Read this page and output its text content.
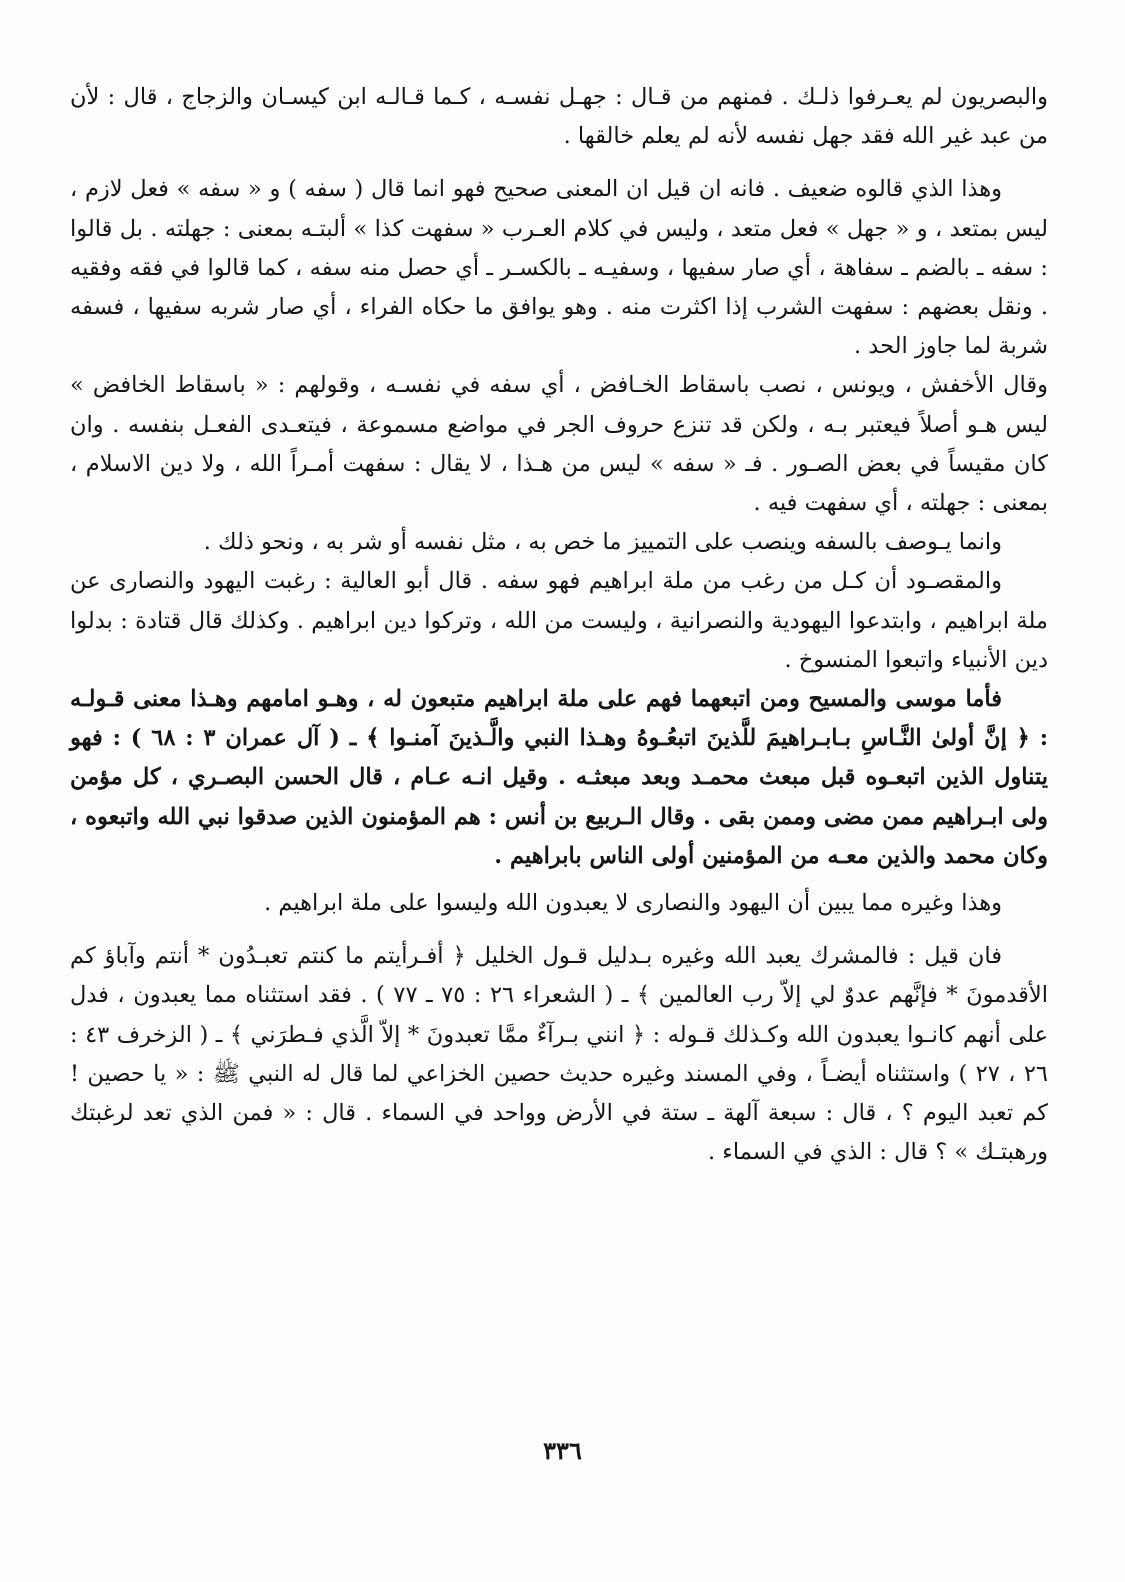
والبصريون لم يعـرفوا ذلـك . فمنهم من قـال : جهـل نفسـه ، كـما قـالـه ابن كيسـان والزجاج ، قال : لأن من عبد غير الله فقد جهل نفسه لأنه لم يعلم خالقها .

وهذا الذي قالوه ضعيف . فانه ان قيل ان المعنى صحيح فهو انما قال ( سفه ) و « سفه » فعل لازم ، ليس بمتعد ، و « جهل » فعل متعد ، وليس في كلام العـرب « سفهت كذا » ألبتـه بمعنى : جهلته . بل قالوا : سفه ـ بالضم ـ سفاهة ، أي صار سفيها ، وسفيـه ـ بالكسـر ـ أي حصل منه سفه ، كما قالوا في فقه وفقيه . ونقل بعضهم : سفهت الشرب إذا اكثرت منه . وهو يوافق ما حكاه الفراء ، أي صار شربه سفيها ، فسفه شربة لما جاوز الحد .

وقال الأخفش ، ويونس ، نصب باسقاط الخـافض ، أي سفه في نفسـه ، وقولهم : « باسقاط الخافض » ليس هـو أصلاً فيعتبر بـه ، ولكن قد تنزع حروف الجر في مواضع مسموعة ، فيتعـدى الفعـل بنفسه . وان كان مقيساً في بعض الصـور . فـ « سفه » ليس من هـذا ، لا يقال : سفهت أمـراً الله ، ولا دين الاسلام ، بمعنى : جهلته ، أي سفهت فيه .

وانما يـوصف بالسفه وينصب على التمييز ما خص به ، مثل نفسه أو شر به ، ونحو ذلك .

والمقصـود أن كـل من رغب من ملة ابراهيم فهو سفه . قال أبو العالية : رغبت اليهود والنصارى عن ملة ابراهيم ، وابتدعوا اليهودية والنصرانية ، وليست من الله ، وتركوا دين ابراهيم . وكذلك قال قتادة : بدلوا دين الأنبياء واتبعوا المنسوخ .

فأما موسى والمسيح ومن اتبعهما فهم على ملة ابراهيم متبعون له ، وهـو امامهم وهـذا معنى قـولـه : ﴿ إنَّ أولىٰ النَّـاسِ بـابـراهيمَ للَّذينَ اتبعُـوهُ وهـذا النبي والَّـذينَ آمنـوا ﴾ ـ ( آل عمران ٣ : ٦٨ ) : فهو يتناول الذين اتبعـوه قبل مبعث محمـد وبعد مبعثـه . وقيل انـه عـام ، قال الحسن البصـري ، كل مؤمن ولى ابـراهيم ممن مضى وممن بقى . وقال الـربيع بن أنس : هم المؤمنون الذين صدقوا نبي الله واتبعوه ، وكان محمد والذين معـه من المؤمنين أولى الناس بابراهيم .

وهذا وغيره مما يبين أن اليهود والنصارى لا يعبدون الله وليسوا على ملة ابراهيم .

فان قيل : فالمشرك يعبد الله وغيره بـدليل قـول الخليل ﴿ أفـرأيتم ما كنتم تعبـدُون * أنتم وآباؤ كم الأقدمونَ * فإنَّهم عدوٌ لي إلاّ رب العالمين ﴾ ـ ( الشعراء ٢٦ : ٧٥ ـ ٧٧ ) . فقد استثناه مما يعبدون ، فدل على أنهم كانـوا يعبدون الله وكـذلك قـوله : ﴿ انني بـرآءٌ ممَّا تعبدونَ * إلاّ الَّذي فـطرَني ﴾ ـ ( الزخرف ٤٣ : ٢٦ ، ٢٧ ) واستثناه أيضـاً ، وفي المسند وغيره حديث حصين الخزاعي لما قال له النبي ﷺ : « يا حصين ! كم تعبد اليوم ؟ ، قال : سبعة آلهة ـ ستة في الأرض وواحد في السماء . قال : « فمن الذي تعد لرغبتك ورهبتـك » ؟ قال : الذي في السماء .

٣٣٦
